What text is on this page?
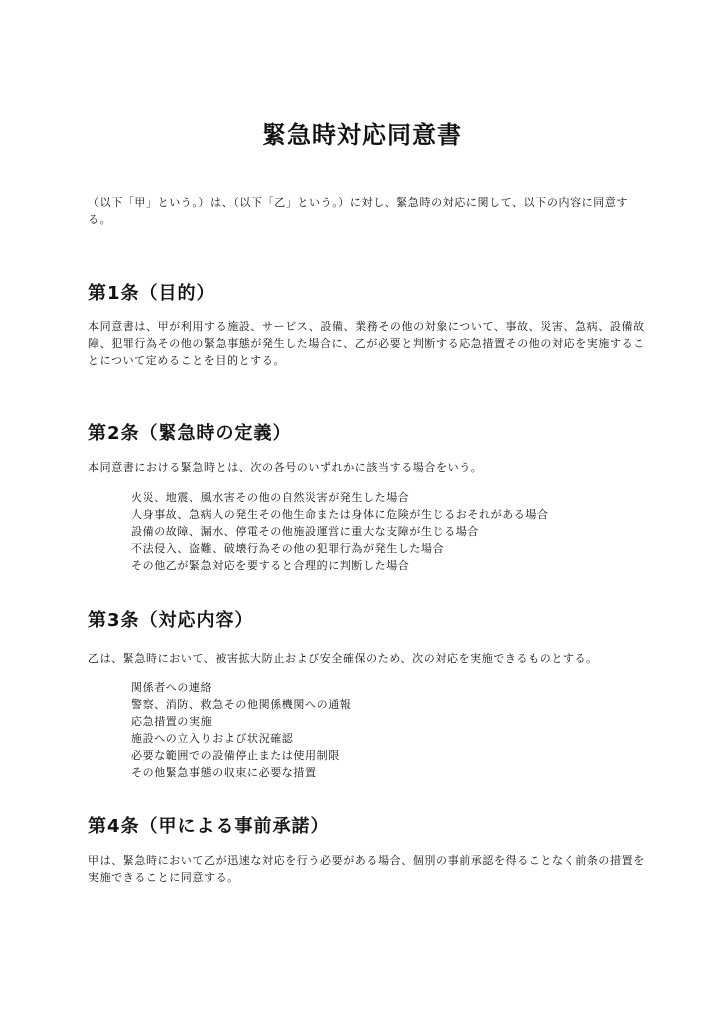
緊急時対応同意書
（以下「甲」という。）は、（以下「乙」という。）に対し、緊急時の対応に関して、以下の内容に同意する。
第1条（目的）
本同意書は、甲が利用する施設、サービス、設備、業務その他の対象について、事故、災害、急病、設備故障、犯罪行為その他の緊急事態が発生した場合に、乙が必要と判断する応急措置その他の対応を実施することについて定めることを目的とする。
第2条（緊急時の定義）
本同意書における緊急時とは、次の各号のいずれかに該当する場合をいう。
火災、地震、風水害その他の自然災害が発生した場合
人身事故、急病人の発生その他生命または身体に危険が生じるおそれがある場合
設備の故障、漏水、停電その他施設運営に重大な支障が生じる場合
不法侵入、盗難、破壊行為その他の犯罪行為が発生した場合
その他乙が緊急対応を要すると合理的に判断した場合
第3条（対応内容）
乙は、緊急時において、被害拡大防止および安全確保のため、次の対応を実施できるものとする。
関係者への連絡
警察、消防、救急その他関係機関への通報
応急措置の実施
施設への立入りおよび状況確認
必要な範囲での設備停止または使用制限
その他緊急事態の収束に必要な措置
第4条（甲による事前承諾）
甲は、緊急時において乙が迅速な対応を行う必要がある場合、個別の事前承認を得ることなく前条の措置を実施できることに同意する。
